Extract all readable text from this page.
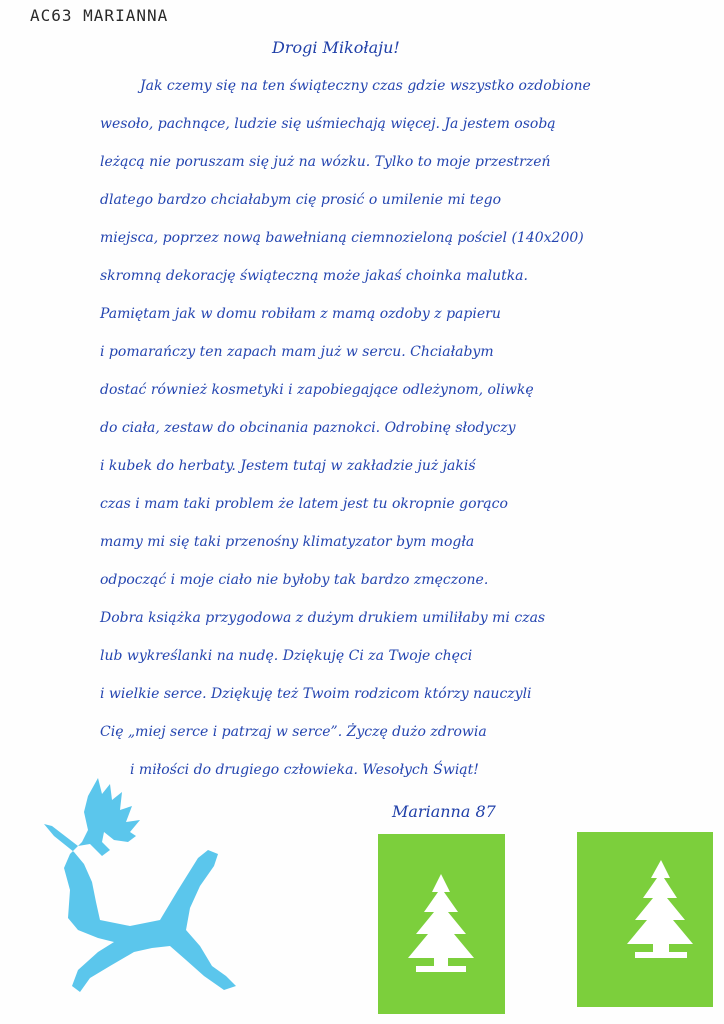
AC63 MARIANNA
Drogi Mikołaju!
Jak czemy się na ten świąteczny czas gdzie wszystko ozdobione
wesoło, pachnące, ludzie się uśmiechają więcej. Ja jestem osobą
leżącą nie poruszam się już na wózku. Tylko to moje przestrzeń
dlatego bardzo chciałabym cię prosić o umilenie mi tego
miejsca, poprzez nową bawełnianą ciemnozieloną pościel (140x200)
skromną dekorację świąteczną może jakaś choinka malutka.
Pamiętam jak w domu robiłam z mamą ozdoby z papieru
i pomarańczy ten zapach mam już w sercu. Chciałabym
dostać również kosmetyki i zapobiegające odleżynom, oliwkę
do ciała, zestaw do obcinania paznokci. Odrobinę słodyczy
i kubek do herbaty. Jestem tutaj w zakładzie już jakiś
czas i mam taki problem że latem jest tu okropnie gorąco
mamy mi się taki przenośny klimatyzator bym mogła
odpocząć i moje ciało nie byłoby tak bardzo zmęczone.
Dobra książka przygodowa z dużym drukiem umiliłaby mi czas
lub wykreślanki na nudę. Dziękuję Ci za Twoje chęci
i wielkie serce. Dziękuję też Twoim rodzicom którzy nauczyli
Cię „miej serce i patrzaj w serce”. Życzę dużo zdrowia
i miłości do drugiego człowieka. Wesołych Świąt!
Marianna 87
